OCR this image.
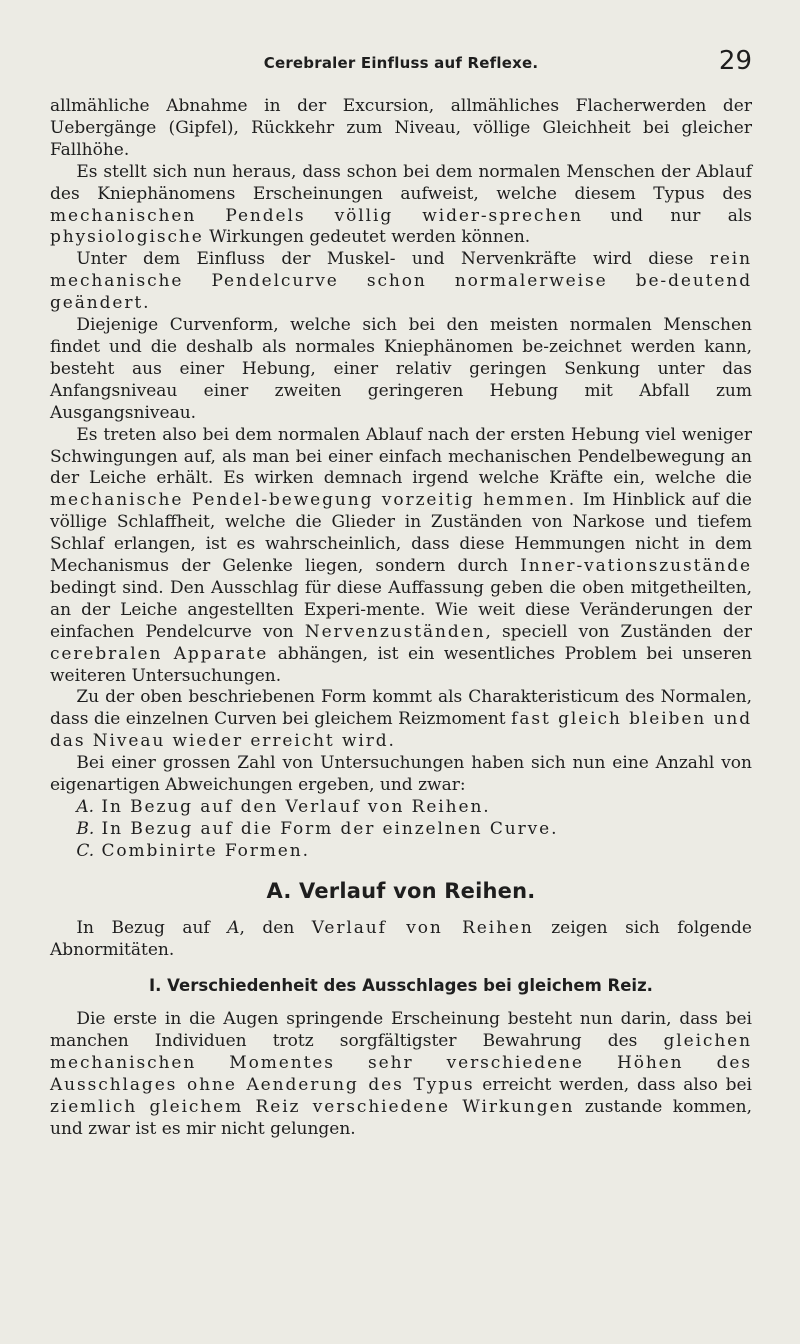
Cerebraler Einfluss auf Reflexe.	29

allmähliche Abnahme in der Excursion, allmähliches Flacherwerden der Uebergänge (Gipfel), Rückkehr zum Niveau, völlige Gleichheit bei gleicher Fallhöhe.

Es stellt sich nun heraus, dass schon bei dem normalen Menschen der Ablauf des Kniephänomens Erscheinungen aufweist, welche diesem Typus des mechanischen Pendels völlig wider-sprechen und nur als physiologische Wirkungen gedeutet werden können.

Unter dem Einfluss der Muskel- und Nervenkräfte wird diese rein mechanische Pendelcurve schon normalerweise be-deutend geändert.

Diejenige Curvenform, welche sich bei den meisten normalen Menschen findet und die deshalb als normales Kniephänomen be-zeichnet werden kann, besteht aus einer Hebung, einer relativ geringen Senkung unter das Anfangsniveau einer zweiten geringeren Hebung mit Abfall zum Ausgangsniveau.

Es treten also bei dem normalen Ablauf nach der ersten Hebung viel weniger Schwingungen auf, als man bei einer einfach mechanischen Pendelbewegung an der Leiche erhält. Es wirken demnach irgend welche Kräfte ein, welche die mechanische Pendel-bewegung vorzeitig hemmen. Im Hinblick auf die völlige Schlaffheit, welche die Glieder in Zuständen von Narkose und tiefem Schlaf erlangen, ist es wahrscheinlich, dass diese Hemmungen nicht in dem Mechanismus der Gelenke liegen, sondern durch Inner-vationszustände bedingt sind. Den Ausschlag für diese Auffassung geben die oben mitgetheilten, an der Leiche angestellten Experi-mente. Wie weit diese Veränderungen der einfachen Pendelcurve von Nervenzuständen, speciell von Zuständen der cerebralen Apparate abhängen, ist ein wesentliches Problem bei unseren weiteren Untersuchungen.

Zu der oben beschriebenen Form kommt als Charakteristicum des Normalen, dass die einzelnen Curven bei gleichem Reizmoment fast gleich bleiben und das Niveau wieder erreicht wird.

Bei einer grossen Zahl von Untersuchungen haben sich nun eine Anzahl von eigenartigen Abweichungen ergeben, und zwar:

A. In Bezug auf den Verlauf von Reihen.

B. In Bezug auf die Form der einzelnen Curve.

C. Combinirte Formen.

A. Verlauf von Reihen.

In Bezug auf A, den Verlauf von Reihen zeigen sich folgende Abnormitäten.

I. Verschiedenheit des Ausschlages bei gleichem Reiz.

Die erste in die Augen springende Erscheinung besteht nun darin, dass bei manchen Individuen trotz sorgfältigster Bewahrung des gleichen mechanischen Momentes sehr verschiedene Höhen des Ausschlages ohne Aenderung des Typus erreicht werden, dass also bei ziemlich gleichem Reiz verschiedene Wirkungen zustande kommen, und zwar ist es mir nicht gelungen.
